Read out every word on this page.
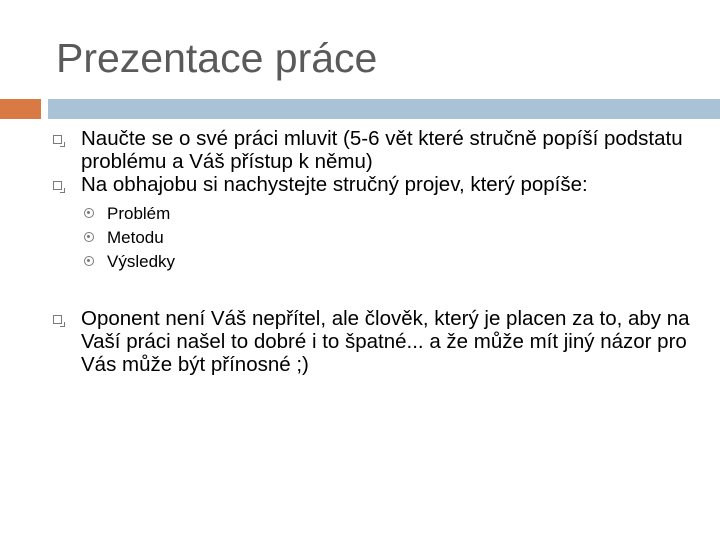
Prezentace práce
Naučte se o své práci mluvit (5-6 vět které stručně popíší podstatu problému a Váš přístup k němu)
Na obhajobu si nachystejte stručný projev, který popíše:
Problém
Metodu
Výsledky
Oponent není Váš nepřítel, ale člověk, který je placen za to, aby na Vaší práci našel to dobré i to špatné... a že může mít jiný názor pro Vás může být přínosné ;)
